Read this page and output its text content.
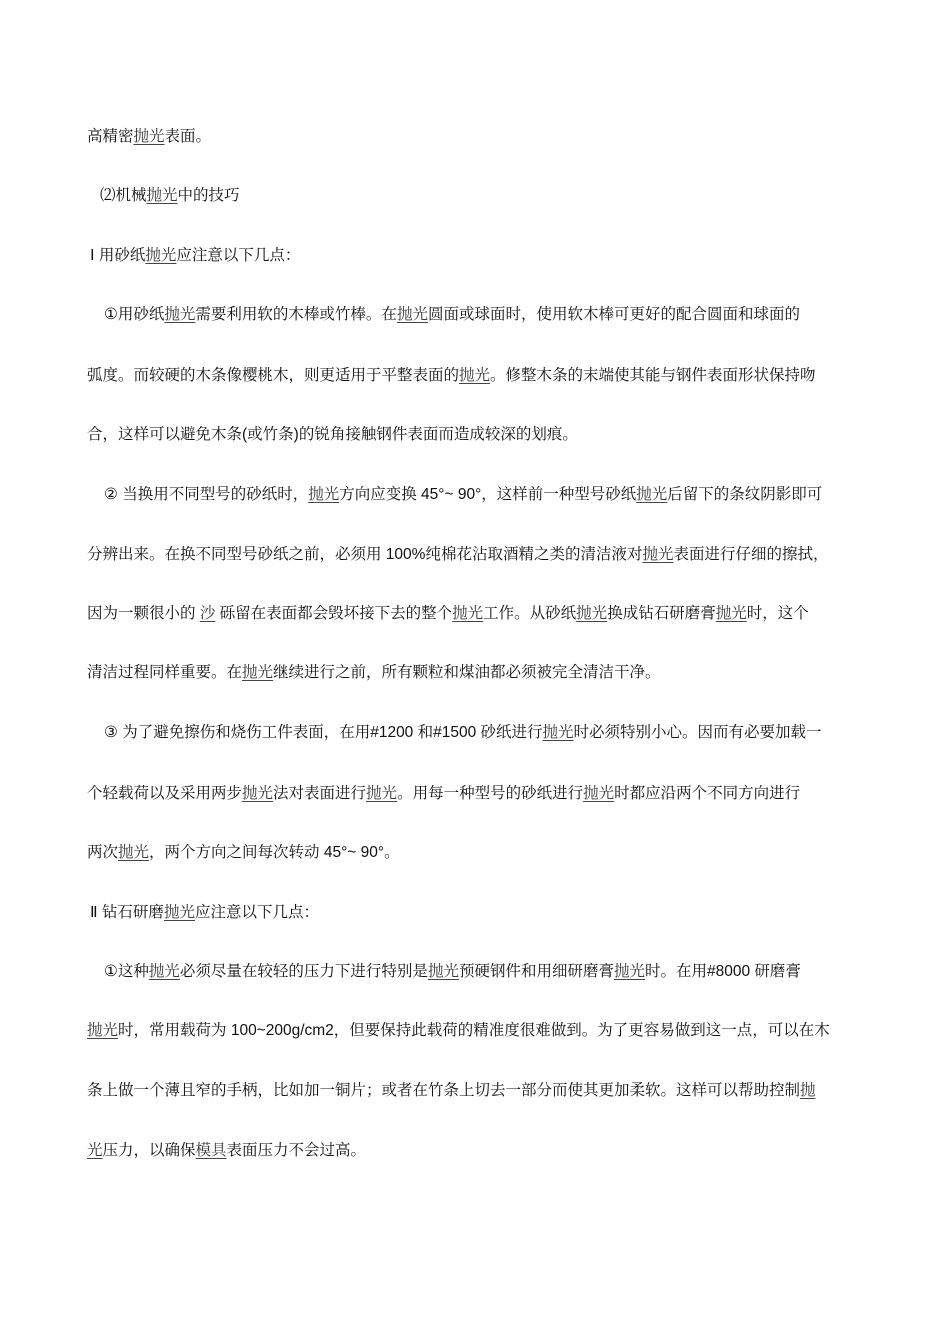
高精密抛光表面。
⑵机械抛光中的技巧
Ⅰ 用砂纸抛光应注意以下几点：
①用砂纸抛光需要利用软的木棒或竹棒。在抛光圆面或球面时，使用软木棒可更好的配合圆面和球面的
弧度。而较硬的木条像樱桃木，则更适用于平整表面的抛光。修整木条的末端使其能与钢件表面形状保持吻
合，这样可以避免木条(或竹条)的锐角接触钢件表面而造成较深的划痕。
② 当换用不同型号的砂纸时，抛光方向应变换 45°~ 90°，这样前一种型号砂纸抛光后留下的条纹阴影即可
分辨出来。在换不同型号砂纸之前，必须用 100%纯棉花沾取酒精之类的清洁液对抛光表面进行仔细的擦拭，
因为一颗很小的 沙 砾留在表面都会毁坏接下去的整个抛光工作。从砂纸抛光换成钻石研磨膏抛光时，这个
清洁过程同样重要。在抛光继续进行之前，所有颗粒和煤油都必须被完全清洁干净。
③ 为了避免擦伤和烧伤工件表面，在用#1200 和#1500 砂纸进行抛光时必须特别小心。因而有必要加载一
个轻载荷以及采用两步抛光法对表面进行抛光。用每一种型号的砂纸进行抛光时都应沿两个不同方向进行
两次抛光，两个方向之间每次转动 45°~ 90°。
Ⅱ 钻石研磨抛光应注意以下几点：
①这种抛光必须尽量在较轻的压力下进行特别是抛光预硬钢件和用细研磨膏抛光时。在用#8000 研磨膏
抛光时，常用载荷为 100~200g/cm2，但要保持此载荷的精准度很难做到。为了更容易做到这一点，可以在木
条上做一个薄且窄的手柄，比如加一铜片；或者在竹条上切去一部分而使其更加柔软。这样可以帮助控制抛
光压力，以确保模具表面压力不会过高。
